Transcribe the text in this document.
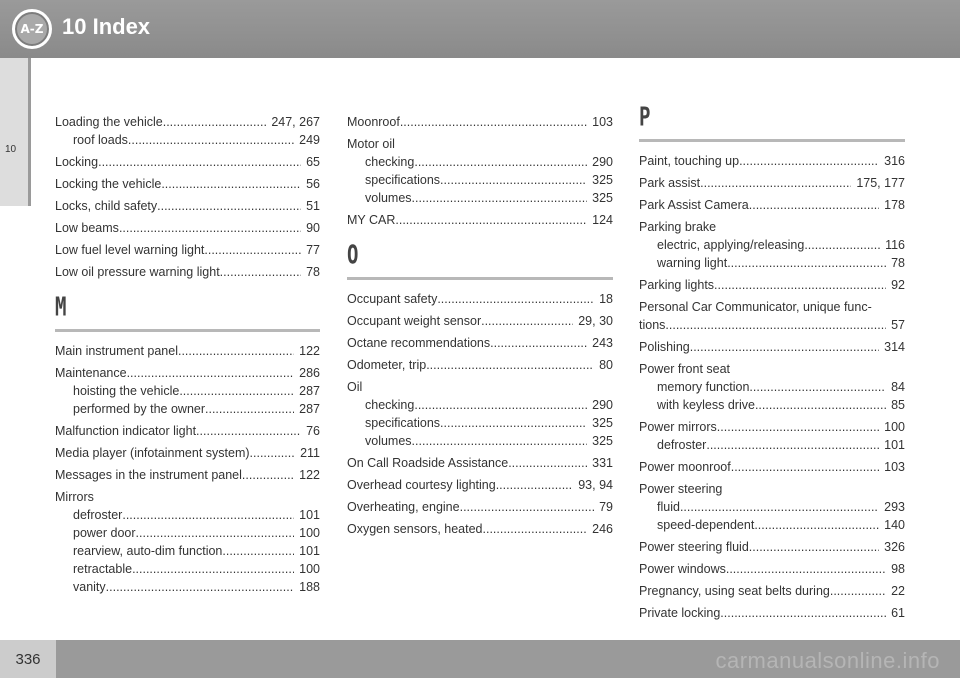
A-Z 10 Index
10
Loading the vehicle .....	247, 267
roof loads .....	249
Locking .....	65
Locking the vehicle .....	56
Locks, child safety .....	51
Low beams .....	90
Low fuel level warning light .....	77
Low oil pressure warning light .....	78
M
Main instrument panel .....	122
Maintenance .....	286
hoisting the vehicle .....	287
performed by the owner .....	287
Malfunction indicator light .....	76
Media player (infotainment system) .....	211
Messages in the instrument panel .....	122
Mirrors
defroster .....	101
power door .....	100
rearview, auto-dim function .....	101
retractable .....	100
vanity .....	188
Moonroof .....	103
Motor oil
checking .....	290
specifications .....	325
volumes .....	325
MY CAR .....	124
O
Occupant safety .....	18
Occupant weight sensor .....	29, 30
Octane recommendations .....	243
Odometer, trip .....	80
Oil
checking .....	290
specifications .....	325
volumes .....	325
On Call Roadside Assistance .....	331
Overhead courtesy lighting .....	93, 94
Overheating, engine .....	79
Oxygen sensors, heated .....	246
P
Paint, touching up .....	316
Park assist .....	175, 177
Park Assist Camera .....	178
Parking brake
electric, applying/releasing .....	116
warning light .....	78
Parking lights .....	92
Personal Car Communicator, unique func-
tions .....	57
Polishing .....	314
Power front seat
memory function .....	84
with keyless drive .....	85
Power mirrors .....	100
defroster .....	101
Power moonroof .....	103
Power steering
fluid .....	293
speed-dependent .....	140
Power steering fluid .....	326
Power windows .....	98
Pregnancy, using seat belts during .....	22
Private locking .....	61
336	carmanualsonline.info
